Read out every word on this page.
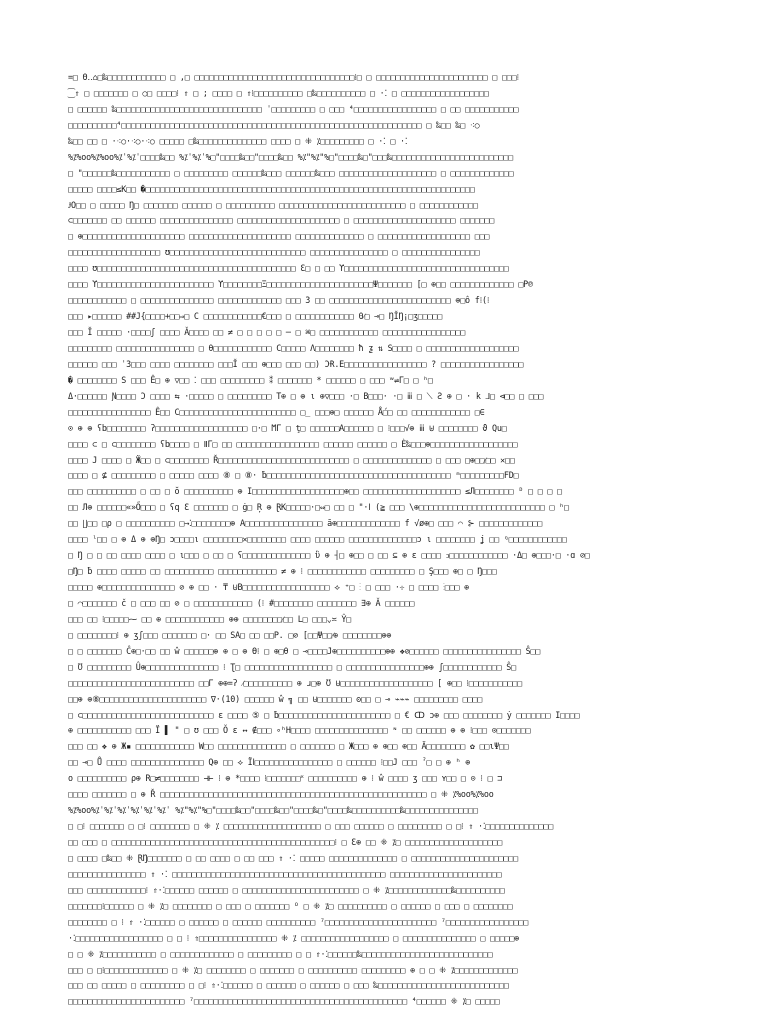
=□ Θ‥⌂□‰□□□□□□□□□□□□ □ ,□ □□□□□□□□□□□□□□□□□□□□□□□□□□□□□□□□□⁝□ □ □□□□□□□□□□□□□□□□□□□□□□□ □ □□□⁝
⁐⇑ □ □□□□□□□ □ ○□ □□□□⁝ ⇑ □ ; □□□□ □ ⇑⁝□□□□□□□□□□ □‰□□□□□□□□□□ □ ·⁚ □ □□□□□□□□□□□□□□□□□□
□ □□□□□□ ‰□□□□□□□□□□□□□□□□□□□□□□□□□□□□□□ ˈ□□□□□□□□□ □ □□□ ⁴□□□□□□□□□□□□□□□□□ □ □□ □□□□□□□□□□□
□□□□□□□□□□⁴□□□□□□□□□□□□□□□□□□□□□□□□□□□□□□□□□□□□□□□□□□□□□□□□□□□□□□□□□□□□□□ □ ‰□□ ‰□ ⁖○
‰□□ □□ □ ·⁖○·⁖○·⁖○ □□□□□ □‰□□□□□□□□□□□□□□ □□□□ □ ⁜ ⁒□□□□□□□□□ □ ·⁚ □ ·⁚
%⁒%oo%⁒%oo%⁒ˈ%⁒ˈ□□□□‰□□ %⁒ˈ%⁒ˈ%□"□□□□‰□□"□□□□‰□□ %⁒"%⁒"%□"□□□□‰□"□□□‰□□□□□□□□□□□□□□□□□□□□□□□□□
□ "□□□□□□‰□□□□□□□□□□□ □ □□□□□□□□□ □□□□□□‰□□□ □□□□□□‰□□□ □□□□□□□□□□□□□□□□□□□□ □ □□□□□□□□□□□□□
□□□□□ □□□□≤K□□ �□□□□□□□□□□□□□□□□□□□□□□□□□□□□□□□□□□□□□□□□□□□□□□□□□□□□□□□□□□□□□□□□□□□□
ɈO□□ □ □□□□□ Ŋ□ □□□□□□□ □□□□□□ □ □□□□□□□□□□ □□□□□□□□□□□□□□□□□□□□□□□□□□ □ □□□□□□□□□□□□
⊂□□□□□□□ □□ □□□□□□ □□□□□□□□□□□□□□□ □□□□□□□□□□□□□□□□□□□□□ □ □□□□□□□□□□□□□□□□□□□□□ □□□□□□□
□ ⊕□□□□□□□□□□□□□□□□□□□□□ □□□□□□□□□□□□□□□□□□□□□ □□□□□□□□□□□□□□ □ □□□□□□□□□□□□□□□□□□□ □□□
□□□□□□□□□□□□□□□□□□□ ʊ□□□□□□□□□□□□□□□□□□□□□□□□□□□□ □□□□□□□□□□□□□□□□ □ □□□□□□□□□□□□□□□□
□□□□ ʊ□□□□□□□□□□□□□□□□□□□□□□□□□□□□□□□□□□□□□□□□□ Ɛ□ □ □□ ϒ□□□□□□□□□□□□□□□□□□□□□□□□□□□□□□□□□□
□□□□ ϒ□□□□□□□□□□□□□□□□□□□□□□□□ ϒ□□□□□□□□Ξ□□□□□□□□□□□□□□□□□□□□□□Ψ□□□□□□□ [□ ⊕□□ □□□□□□□□□□□□□ □P℗
□□□□□□□□□□□□ □ □□□□□□□□□□□□□□□ □□□□□□□□□□□□□ □□□ 3 □□ □□□□□□□□□□□□□□□□□□□□□□□□□ ⊕□ô f⁝(⁝
□□□ ▸□□□□□□ ##J{□□□□+□□⇒□ C □□□□□□□□□□□□€□□□ □ □□□□□□□□□□□□ 0⁄□ ⊸□ ŊĬŊ¡□ʒ□□□□□
□□□ Ĭ □□□□□ ·□□□□ʃ □□□□ Ă□□□□ □□ ≠ □ □ □ □ □ ─ □ ⌘□ □□□□□□□□□□□□ □□□□□□□□□□□□□□□□□
□□□□□□□□□ □□□□□□□□□□□□□□□□ □ θ□□□□□□□□□□□□ C□□□□□ Λ□□□□□□□□ ħ ƺ ⇅ S□□□□ □ □□□□□□□□□□□□□□□□□□□
□□□□□□ □□□ ˈ3□□□ □□□□ □□□□□□□□ □□□Ĭ □□□ ⊕□□□ □□□ □□) ϽɌ.E□□□□□□□□□□□□□□□□□ ? □□□□□□□□□□□□□□□□□
� □□□□□□□□ S □□□ Ê□ ⊕ ▽□□ ⁚ □□□ □□□□□□□□□ ⁑ □□□□□□□ * □□□□□□ □ □□□ ʷ⇌Γ□ □ ʰ□
Δ·□□□□□□ Ɲ□□□□ Ɔ □□□□ ⇆ ·□□□□□ □ □□□□□□□□□ T⊕ □ ⊕ ι ⊕▽□□□ ·□ B□□□· ·□ ⅲ □ ⟍ Ƨ ⊕ □ · k ⅃□ ⊲□□ □ □□□
□□□□□□□□□□□□□□□□□ Ê□□ C□□□□□□□□□□□□□□□□□□□□□□□□ □_ □□□⊕□ □□□□□□ Ǻ□□ □□ □□□□□□□□□□□□ □∈
⊙ ⊕ ⊕ ʕb□□□□□□□□ ʔ□□□□□□□□□□□□□□□□□□□ □·□ ϺΓ □ ţ□ □□□□□□A□□□□□□ □ ⁝□□□√⊕ ⅲ ⊎ □□□□□□□□ ϑ Qu□
□□□□ ⊂ □ ⊂□□□□□□□□ ʕb□□□□ □ ⅡΓ□ □□ □□□□□□□□□□□□□□□□□ □□□□□□ □□□□□□ □ È‰□□□⊕□□□□□□□□□□□□□□□□□□
□□□□ J □□□□ □ Ӝ□□ □ ⊂□□□□□□□□ Ř□□□□□□□□□□□□□□□□□□□□□□□□□□□ □ □□□□□□□□□□□□□□ □ □□□ □⊕□□⁄□□ ✕□□
□□□□ □ ⊈ □□□□□□□□□ □ □□□□□ □□□□ ⑧ □ ⑧· ƀ□□□□□□□□□□□□□□□□□□□□□□□□□□□□□□□□□□□□□□ ᵐ□□□□□□□□□FD□
□□□ □□□□□□□□□□ □ □□ □ ŏ □□□□□□□□□□ ⊕ Ι□□□□□□□□□□□□□□□□□□□⊕□□ □□□□□□□□□□□□□□□□□□□□ ≤Л□□□□□□□□ ᴰ □ □ □ □
□□ Л⊕ □□□□□□«»Ő□□□ □ ʕq Ɛ □□□□□□□ □ ġ□ Ŗ ⊕ ⱤK□□□□□·□⇔□ □□ □ "·ⅼ (≧ □□□ \⊕□□□□□□□□□□□□□□□□□□□□□□□□□□ □ ʰ□
□□ ∐□□ □ρ □ □□□□□□□□□□ □→⁚□□□□□□□□⊕ A□□□□□□□□□□□□□□□□ ā⊕□□□□□□□□□□□□□ f √ø⊕□ □□□ ⌒ ⊱ □□□□□□□□□□□□□
□□□□ ˡ□□ □ ⊕ Δ ⊕ ⊕Ŋ□ ɔ□□□□ι □□□□□□□□✕□□□□□□□□ □□□□ □□□□□□ □□□□□□□□□□□□□□ɔ ι □□□□□□□□ ʝ □□ ᵑ□□□□□□□□□□□□
□ Ŋ □ □ □□ □□□□ □□□□ □ ι□□□ □ □□ □ ʕ□□□□□□□□□□□□□□ ὒ ⊕ ┤□ ⊕□□ □ □□ ⊆ ⊕ ɛ □□□□ ↄ□□□□□□□□□□□□ ·Δ□ ⊕□□□·□ ·ɑ ⊘□
□Ŋ□ ƀ □□□□ □□□□□ □□ □□□□□□□□□□ □□□□□□□□□□□□ ≠ ⊕ ⁝ □□□□□□□□□□□□ □□□□□□□□□ □ Ş□□□ ⊕□ □ Ŋ□□□
□□□□□ ⊕□□□□□□□□□□□□□□□ ⊘ ⊕ □□ · ₸ ⊍B□□□□□□□□□□□□□□□□□□ ⟡ ⁺□ ⁝ □ □□□ ·⊹ □ □□□□ ⁝□□□ ⊕
□ ⌒□□□□□□□ č □ □□□ □□ ⊘ □ □□□□□□□□□□□□ (⁝ #□□□□□□□□ □□□□□□□□ ∃⊕ Ă □□□□□□
□□□ □□ ⁝□□□□□⁓ □□ ⊕ □□□□□□□□□□□□ ⊕⊕ □□□□□□□□⁄□□ L□ □□□⌄≍ Ŷ□
□ □□□□□□□□⁝ ⊕ ʒʃ□□□ □□□□□□□ □· □□ SA□ □□ □□P. □⊘ [□□Ψ□□⁄⊕ □□□□□□□□⊕⊕
□ □ □□□□□□□ Ĉ⊕□·□□ □□ ŵ □□□□□□⊕ ⊕ □ ⊕ Ө⁝ □ ⊕□θ □ ⊸□□□□J⊕□□□□□□□□□□⊕⊕ ❖⊘□□□□□□ □□□□□□□□□□□□□□□□ Ŝ□□
□ Ʊ □□□□□□□□□ Û⊕□□□□□□□□□□□□□□□ ⁝ Ʈ□ □□□□□□□□□□□□□□□□□□ □ □□□□□□□□□□□□□□□□⊕⊕ ʃ□□□□□□□□□□□□ Ŝ□
□□□□□□□□□□□□□□□□□□□□□□□□□□ □□Γ ⊕⊕=ʔ ⁄□□□□□□□□□□ ⊕ ɹ□⊕ Ʊ ⊍□□□□□□□□□□□□□□□□□□□ [ ⊕□□ ⁝□□□□□□□□□□□
□□⊕ ⊕⑧□□□□□□□□□□□□□□□□□□□□□□ ∇·(10) □□□□□□ ŵ ╗ □□ ⊍□□□□□□□ ʘ□□ □ ⊸ ⌁⌁⌁ □□□□□□□□□ □□□□
□ ⊂□□□□□□□□□□□□□□□□□□□□□□□□□□□ ε □□□□ ⑤ □ ƀ□□□□□□□□□□□□□□□□□□□□□□□ □ € ↀ ɔ⊕ □□□ □□□□□□□□ ẏ □□□□□□□ Ι□□□□
⊕ □□□□□□□□□□□ □□□ Ï ▌ " □ ʊ □□□ Ŏ ɛ ↔ ∉□□□ ∘ʰH□□□□ □□□□□□□□□□□□□□□ ᶰ □□ □□□□□□ ⊕ ⊕ ⁝□□□ ⊙□□□□□□□
□□□ □□ ❖ ⊕ Ж▪ □□□□□□□□□□□□ W□□ □□□□□□□□□□□□□□ □ □□□□□□□ □ Ж□□□ ⊕ ⊕□□ ⊕□□ Ä□□□□□□□□ ✿ □□ɩΨ□□
□□ ⊸□ Ů □□□□ □□□□□□□□□□□□□□□ Q⊕ □□ ⟡ Ϊⅼ□□□□□□□□□□□□□□□□ □ □□□□□□ ⁝□□J □□□ ˀ□ □ ⊕ ʰ ⊕
o □□□□□□□□□□ ρ⊕ R□≠□□□□□□□□ ⊣⊢ ⁝ ⊕ *□□□□ ⁝□□□□□□□˟ □□□□□□□□□□ ⊕ ⁝ ŵ □□□□ ʒ □□□ ʏ□□ □ ⊙ ⁝ □ ⊐
□□□□ □□□□□□□ □ ⊕ Ř □□□□□□□□□□□□□□□□□□□□□□□□□□□□□□□□□□□□□□□□□□□□□□□□□□□□□□□ □ ⁜ ⁒%oo%⁒%oo
%⁒%oo%⁒ˈ%⁒ˈ%⁒ˈ%⁒ˈ%⁒ˈ%⁒ˈ %⁒"%⁒"%□"□□□□‰□□"□□□□‰□□"□□□□‰□"□□□□‰□□□□□□□□□□‰□□□□□□□□□□□□□□□
□ □⁝ □□□□□□□ □ □⁝ □□□□□□□□ □ ⁜ ⁒ □□□□□□□□□□□□□□□□□□□□ □ □□□ □□□□□□ □ □□□□□□□□□ □ □⁝ ⇑ ·⁚□□□□□□□□□□□□□□
□□ □□□ □ □□□□□□□□□□□□□□□□□□□□□□□□□□□□□□□□□□□□□□□□□□□□□□⁝ □ Ɛ⊕ □□ ⁜ ⁒□ □□□□□□□□□□□□□□□□□□□□
□ □□□□ □‰□□ ⁜ ⱤŊ□□□□□□□ □ □□ □□□□ □ □□ □□□ ⇑ ·⁚ □□□□□ □□□□□□□□□□□□□□ □ □□□□□□□□□□□□□□□□□□□□□□
□□□□□□□□□□□□□□□□ ⇑ ·⁚ □□□□□□□□□□□□□□□□□□□□□□□□□□□□□□□□□□□□□□□□□□□□ □□□□□□□□□□□□□□□□□□□□□□□
□□□ □□□□□□□□□□□□⁝ ⇑·⁚□□□□□□ □□□□□□ □ □□□□□□□□□□□□□□□□□□□□□□□□ □ ⁜ ⁒□□□□□□□□□□□□□‰□□□□□□□□□□
□□□□□□□⁝□□□□□□ □ ⁜ ⁒□ □□□□□□□□ □ □□□ □ □□□□□□□ ᴼ □ ⁜ ⁒□ □□□□□□□□□□ □ □□□□□□ □ □□□ □ □□□□□□□□
□□□□□□□□ □ ⁝ ⇑ ·⁚□□□□□□ □ □□□□□□ □ □□□□□□ □□□□□□□□□□ ⁷□□□□□□□□□□□□□□□□□□□□□□□ ⁷□□□□□□□□□□□□□□□□□
·⁚□□□□□□□□□□□□□□□□□□ □ □ ⁝ ⇑□□□□□□□□□□□□□□□□ ⁜ ⁒ □□□□□□□□□□□□□□□□□□ □ □□□□□□□□□□□□□□□ □ □□□□□⊕
□ □ ⁜ ⁒□□□□□□□□□□□ □ □□□□□□□□□□□□□ □ □□□□□□□□□ □ □ ⇑·⁚□□□□□□‰□□□□□□□□□□□□□□□□□□□□□□□□□□□
□□□ □ □⁝□□□□□□□□□□□□□ □ ⁜ ⁒□ □□□□□□□□ □ □□□□□□□ □ □□□□□□□□□□ □□□□□□□□□ ⊕ □ □ ⁜ ⁒□□□□□□□□□□□□□
□□□ □□ □□□□□ □ □□□□□□□□□ □ □⁝ ⇑·⁚□□□□□□ □ □□□□□□ □ □□□□□□ □ □□□ ‰□□□□□□□□□□□□□□□□□□□□□□□□□□□
□□□□□□□□□□□□□□□□□□□□□□□□ ⁷□□□□□□□□□□□□□□□□□□□□□□□□□□□□□□□□□□□□□□□□□□□□ ⁴□□□□□□ ⁜ ⁒□ □□□□□
